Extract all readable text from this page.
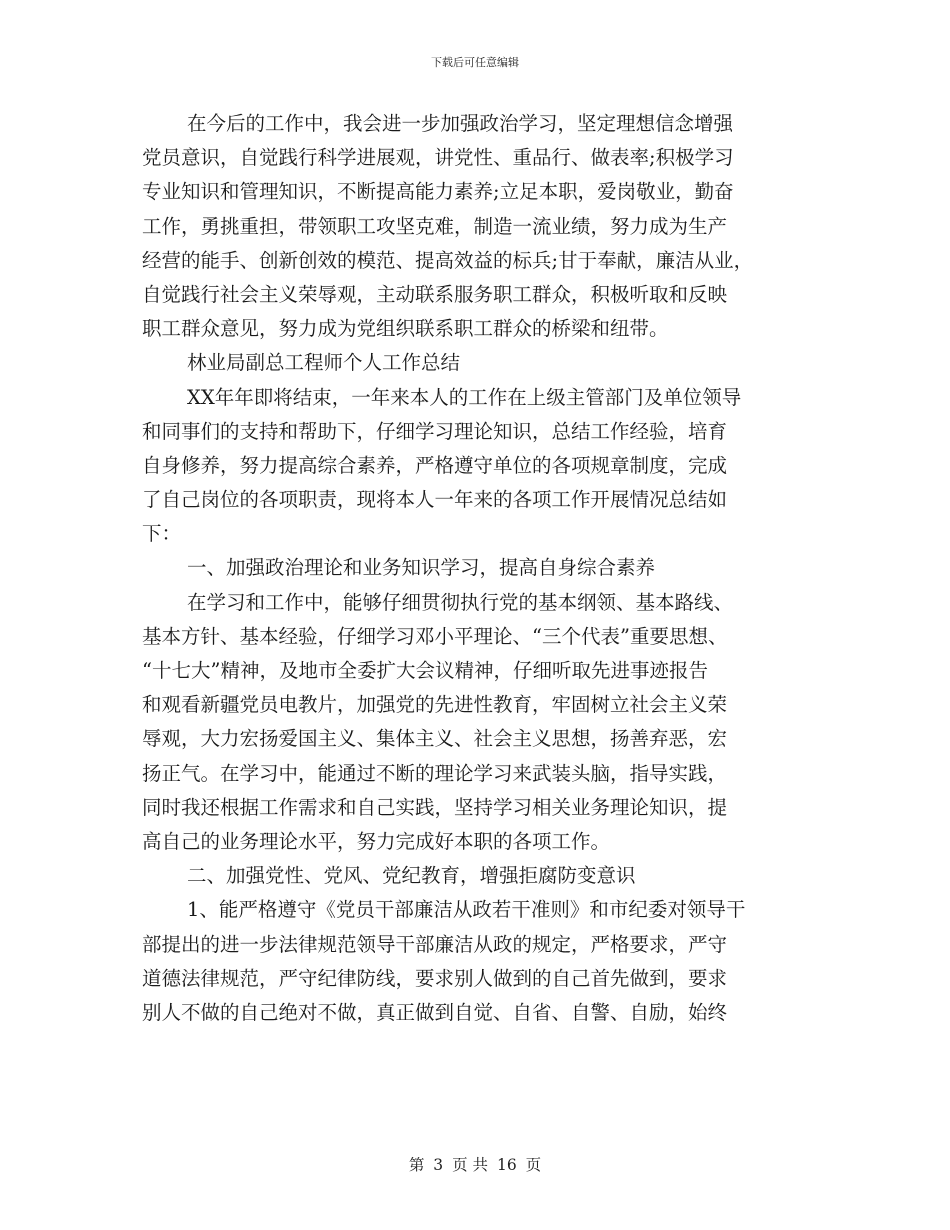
下载后可任意编辑
在今后的工作中，我会进一步加强政治学习，坚定理想信念增强
党员意识，自觉践行科学进展观，讲党性、重品行、做表率;积极学习
专业知识和管理知识，不断提高能力素养;立足本职，爱岗敬业，勤奋
工作，勇挑重担，带领职工攻坚克难，制造一流业绩，努力成为生产
经营的能手、创新创效的模范、提高效益的标兵;甘于奉献，廉洁从业，
自觉践行社会主义荣辱观，主动联系服务职工群众，积极听取和反映
职工群众意见，努力成为党组织联系职工群众的桥梁和纽带。
林业局副总工程师个人工作总结
XX年年即将结束，一年来本人的工作在上级主管部门及单位领导
和同事们的支持和帮助下，仔细学习理论知识，总结工作经验，培育
自身修养，努力提高综合素养，严格遵守单位的各项规章制度，完成
了自己岗位的各项职责，现将本人一年来的各项工作开展情况总结如
下：
一、加强政治理论和业务知识学习，提高自身综合素养
在学习和工作中，能够仔细贯彻执行党的基本纲领、基本路线、
基本方针、基本经验，仔细学习邓小平理论、“三个代表”重要思想、
“十七大”精神，及地市全委扩大会议精神，仔细听取先进事迹报告
和观看新疆党员电教片，加强党的先进性教育，牢固树立社会主义荣
辱观，大力宏扬爱国主义、集体主义、社会主义思想，扬善弃恶，宏
扬正气。在学习中，能通过不断的理论学习来武装头脑，指导实践，
同时我还根据工作需求和自己实践，坚持学习相关业务理论知识，提
高自己的业务理论水平，努力完成好本职的各项工作。
二、加强党性、党风、党纪教育，增强拒腐防变意识
1、能严格遵守《党员干部廉洁从政若干准则》和市纪委对领导干
部提出的进一步法律规范领导干部廉洁从政的规定，严格要求，严守
道德法律规范，严守纪律防线，要求别人做到的自己首先做到，要求
别人不做的自己绝对不做，真正做到自觉、自省、自警、自励，始终
第 3 页 共 16 页
